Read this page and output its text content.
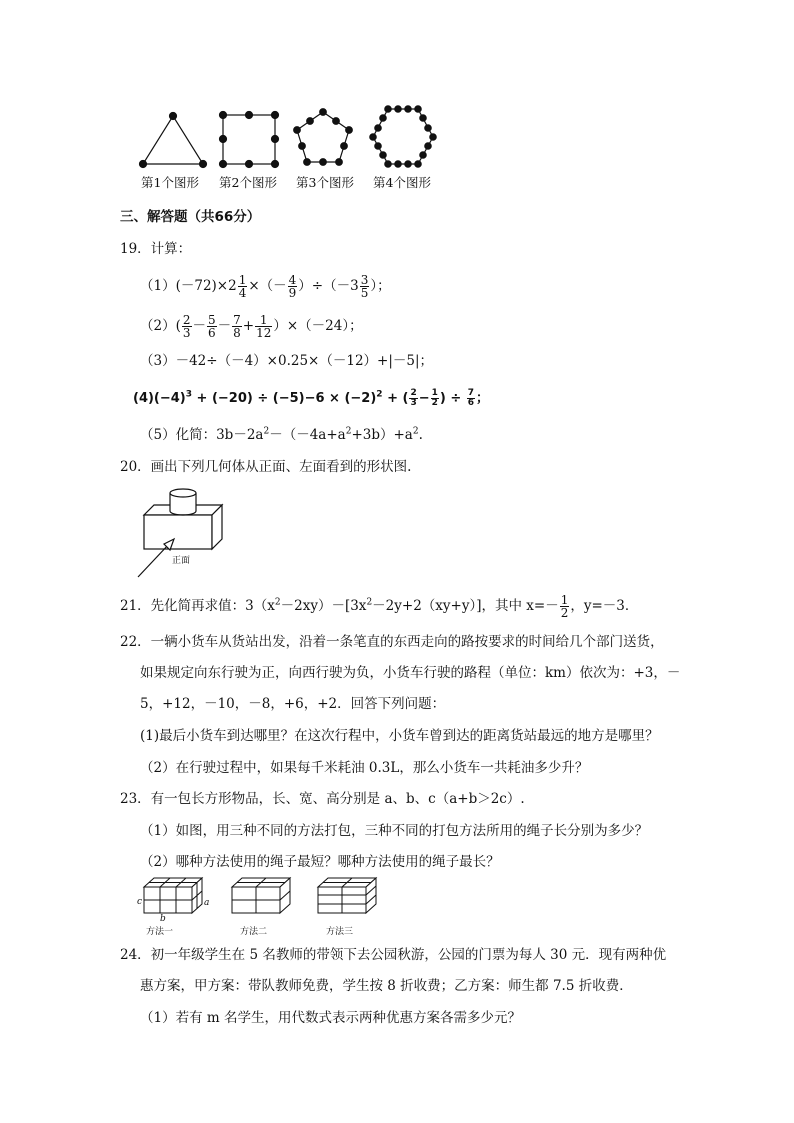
第1个图形 第2个图形 第3个图形 第4个图形
三、解答题（共66分）
19．计算：
$(1)(-72)\times 2 \frac{1}{4}$ ×（－ $\frac{4}{9} )\div(-3 \frac{3}{5}$ ）；
$(2)( \frac{2}{3} - \frac{5}{6} - \frac{7}{8} + \frac{1}{12} )\times(-24)$；
（3）－42÷（－4）×0.25×（－12）+|－5|；
$(4)(-4)^3 + (-20) \div (-5)-6 \times (-2)^2$ + ( $\frac{2}{3} - \frac{1}{2}$ ) ÷ $\frac{7}{6}$ ；
（5）化简：$3b-2a^2-(-4a+a^2+3b)+a^2$.
20．画出下列几何体从正面、左面看到的形状图.
正面
21．先化简再求值：$3(x^2-2xy)-[3x^2-2y+2(xy+y)]$，其中 $x=- \frac{1}{2}$ ，y=－3．
22．一辆小货车从货站出发，沿着一条笔直的东西走向的路按要求的时间给几个部门送货，
如果规定向东行驶为正，向西行驶为负，小货车行驶的路程（单位：km）依次为：+3，－
5，+12，－10，－8，+6，+2．回答下列问题：
(1)最后小货车到达哪里？在这次行程中，小货车曾到达的距离货站最远的地方是哪里？
（2）在行驶过程中，如果每千米耗油 0.3L，那么小货车一共耗油多少升？
23．有一包长方形物品，长、宽、高分别是 a、b、c（a+b＞2c）.
（1）如图，用三种不同的方法打包，三种不同的打包方法所用的绳子长分别为多少？
（2）哪种方法使用的绳子最短？哪种方法使用的绳子最长？
c
b
a
方法一	方法二	方法三
24．初一年级学生在 5 名教师的带领下去公园秋游，公园的门票为每人 30 元．现有两种优
惠方案，甲方案：带队教师免费，学生按 8 折收费；乙方案：师生都 7.5 折收费．
（1）若有 m 名学生，用代数式表示两种优惠方案各需多少元？
